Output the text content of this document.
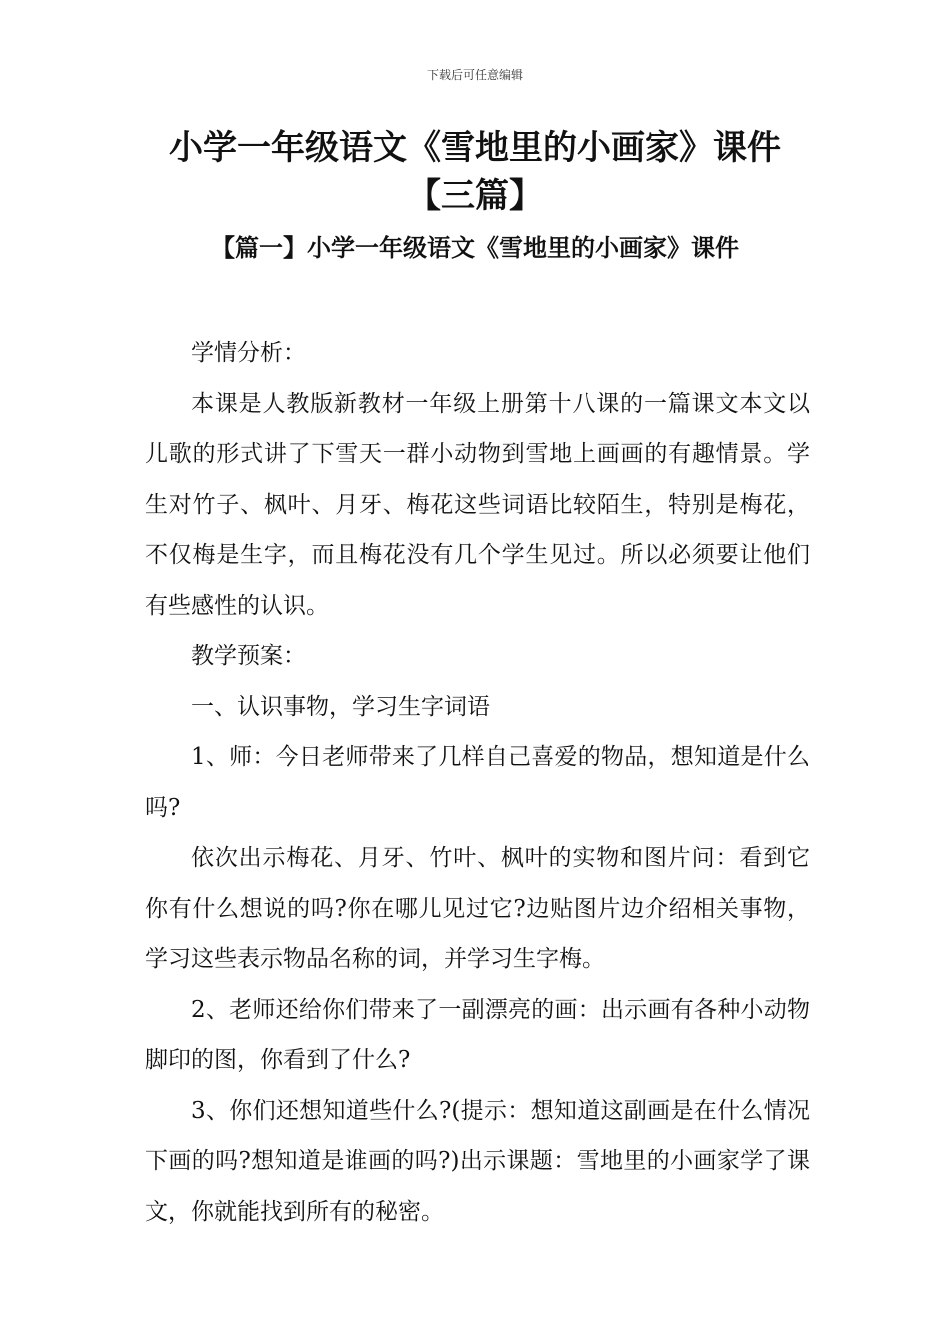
下载后可任意编辑
小学一年级语文《雪地里的小画家》课件【三篇】
【篇一】小学一年级语文《雪地里的小画家》课件

学情分析：

本课是人教版新教材一年级上册第十八课的一篇课文本文以儿歌的形式讲了下雪天一群小动物到雪地上画画的有趣情景。学生对竹子、枫叶、月牙、梅花这些词语比较陌生，特别是梅花，不仅梅是生字，而且梅花没有几个学生见过。所以必须要让他们有些感性的认识。

教学预案：

一、认识事物，学习生字词语

1、师：今日老师带来了几样自己喜爱的物品，想知道是什么吗?

依次出示梅花、月牙、竹叶、枫叶的实物和图片问：看到它你有什么想说的吗?你在哪儿见过它?边贴图片边介绍相关事物，学习这些表示物品名称的词，并学习生字梅。

2、老师还给你们带来了一副漂亮的画：出示画有各种小动物脚印的图，你看到了什么?

3、你们还想知道些什么?(提示：想知道这副画是在什么情况下画的吗?想知道是谁画的吗?)出示课题：雪地里的小画家学了课文，你就能找到所有的秘密。
